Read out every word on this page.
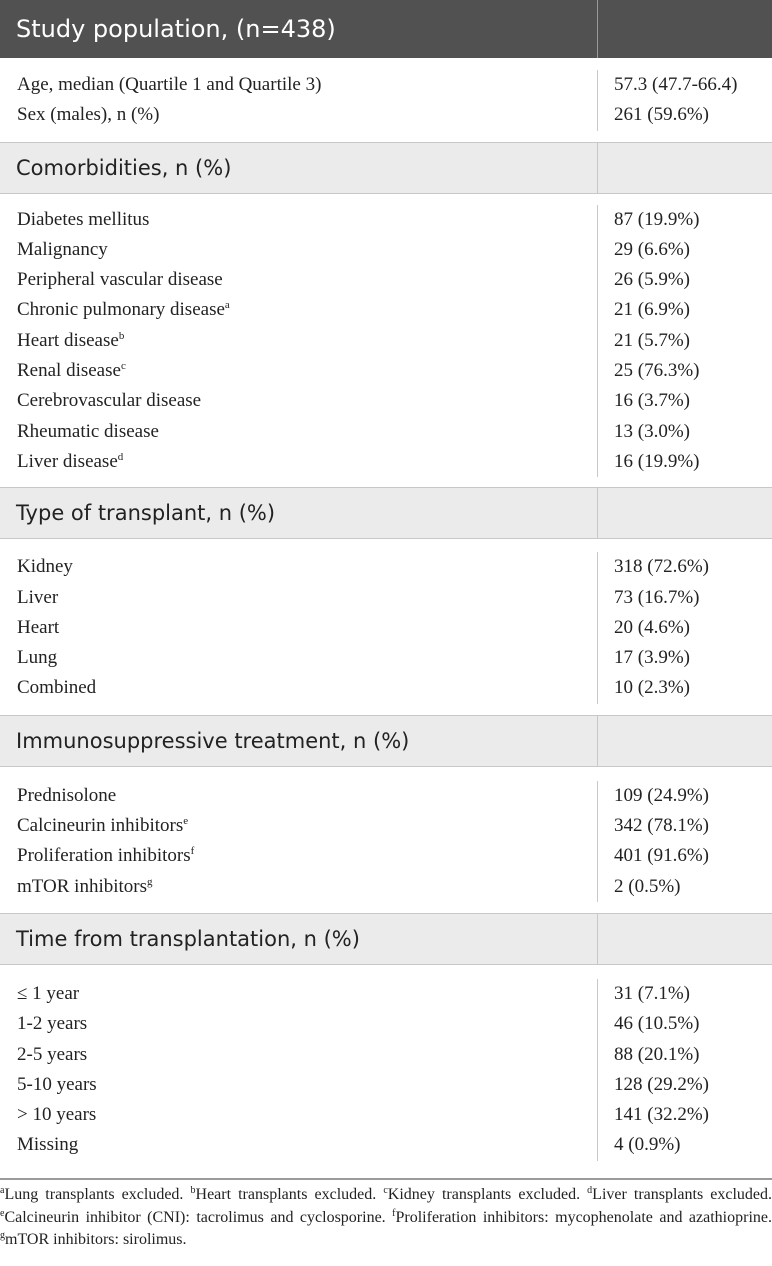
Study population, (n=438)
Age, median (Quartile 1 and Quartile 3)
Sex (males), n (%)
57.3 (47.7-66.4)
261 (59.6%)
Comorbidities, n (%)
Diabetes mellitus
Malignancy
Peripheral vascular disease
Chronic pulmonary disease$^a$
Heart disease$^b$
Renal disease$^c$
Cerebrovascular disease
Rheumatic disease
Liver disease$^d$
87 (19.9%)
29 (6.6%)
26 (5.9%)
21 (6.9%)
21 (5.7%)
25 (76.3%)
16 (3.7%)
13 (3.0%)
16 (19.9%)
Type of transplant, n (%)
Kidney
Liver
Heart
Lung
Combined
318 (72.6%)
73 (16.7%)
20 (4.6%)
17 (3.9%)
10 (2.3%)
Immunosuppressive treatment, n (%)
Prednisolone
Calcineurin inhibitors$^e$
Proliferation inhibitors$^f$
mTOR inhibitors$^g$
109 (24.9%)
342 (78.1%)
401 (91.6%)
2 (0.5%)
Time from transplantation, n (%)
≤ 1 year
1-2 years
2-5 years
5-10 years
> 10 years
Missing
31 (7.1%)
46 (10.5%)
88 (20.1%)
128 (29.2%)
141 (32.2%)
4 (0.9%)
$^a$Lung transplants excluded. $^b$Heart transplants excluded. $^c$Kidney transplants excluded. $^d$Liver transplants excluded. $^e$Calcineurin inhibitor (CNI): tacrolimus and cyclosporine. $^f$Proliferation inhibitors: mycophenolate and azathioprine. $^g$mTOR inhibitors: sirolimus.
